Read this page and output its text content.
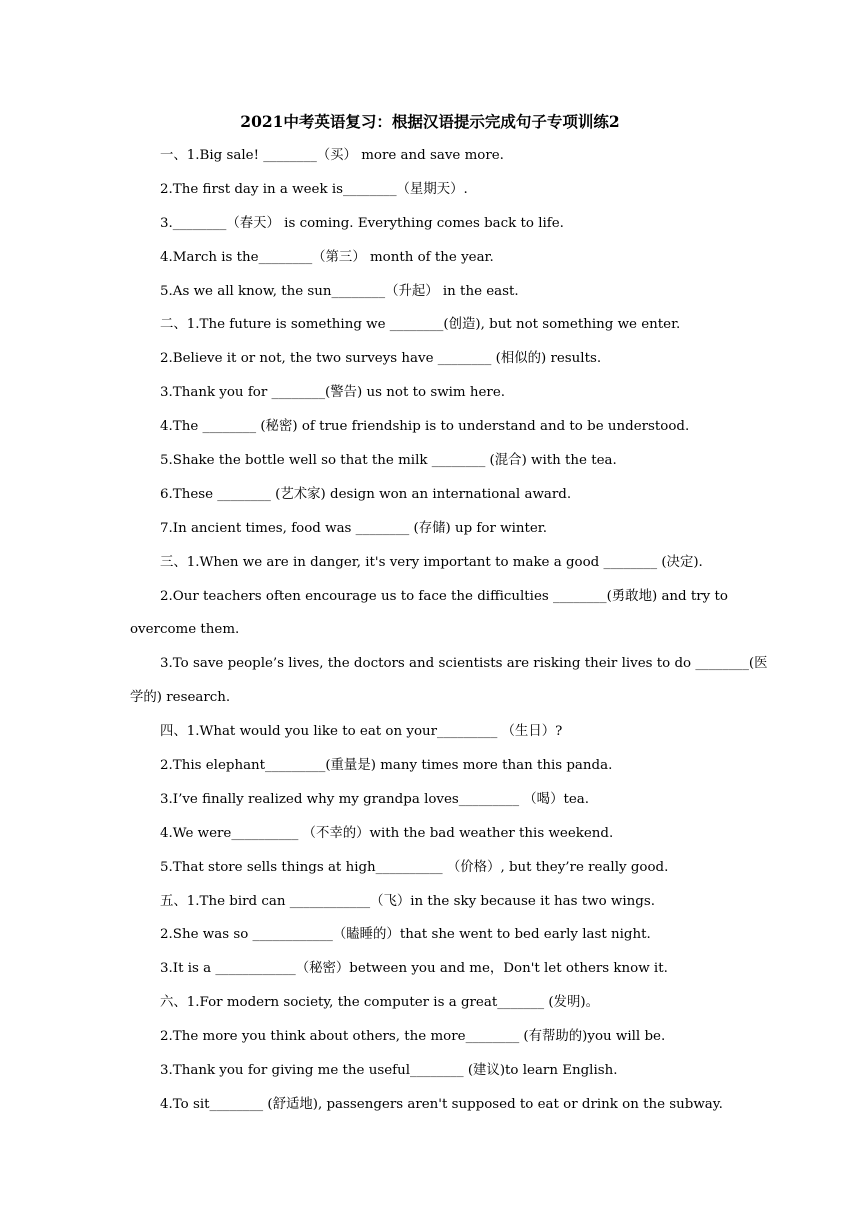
2021中考英语复习：根据汉语提示完成句子专项训练2
一、1.Big sale! ________（买） more and save more.
2.The first day in a week is________（星期天）.
3.________（春天） is coming. Everything comes back to life.
4.March is the________（第三） month of the year.
5.As we all know, the sun________（升起） in the east.
二、1.The future is something we ________(创造), but not something we enter.
2.Believe it or not, the two surveys have ________ (相似的) results.
3.Thank you for ________(警告) us not to swim here.
4.The ________ (秘密) of true friendship is to understand and to be understood.
5.Shake the bottle well so that the milk ________ (混合) with the tea.
6.These ________ (艺术家) design won an international award.
7.In ancient times, food was ________ (存储) up for winter.
三、1.When we are in danger, it's very important to make a good ________ (决定).
2.Our teachers often encourage us to face the difficulties ________(勇敢地) and try to
overcome them.
3.To save people’s lives, the doctors and scientists are risking their lives to do ________(医
学的) research.
四、1.What would you like to eat on your_________ （生日）?
2.This elephant_________(重量是) many times more than this panda.
3.I’ve finally realized why my grandpa loves_________ （喝）tea.
4.We were__________ （不幸的）with the bad weather this weekend.
5.That store sells things at high__________ （价格）, but they’re really good.
五、1.The bird can ____________（飞）in the sky because it has two wings.
2.She was so ____________（瞌睡的）that she went to bed early last night.
3.It is a ____________（秘密）between you and me，Don't let others know it.
六、1.For modern society, the computer is a great_______ (发明)。
2.The more you think about others, the more________ (有帮助的)you will be.
3.Thank you for giving me the useful________ (建议)to learn English.
4.To sit________ (舒适地), passengers aren't supposed to eat or drink on the subway.
